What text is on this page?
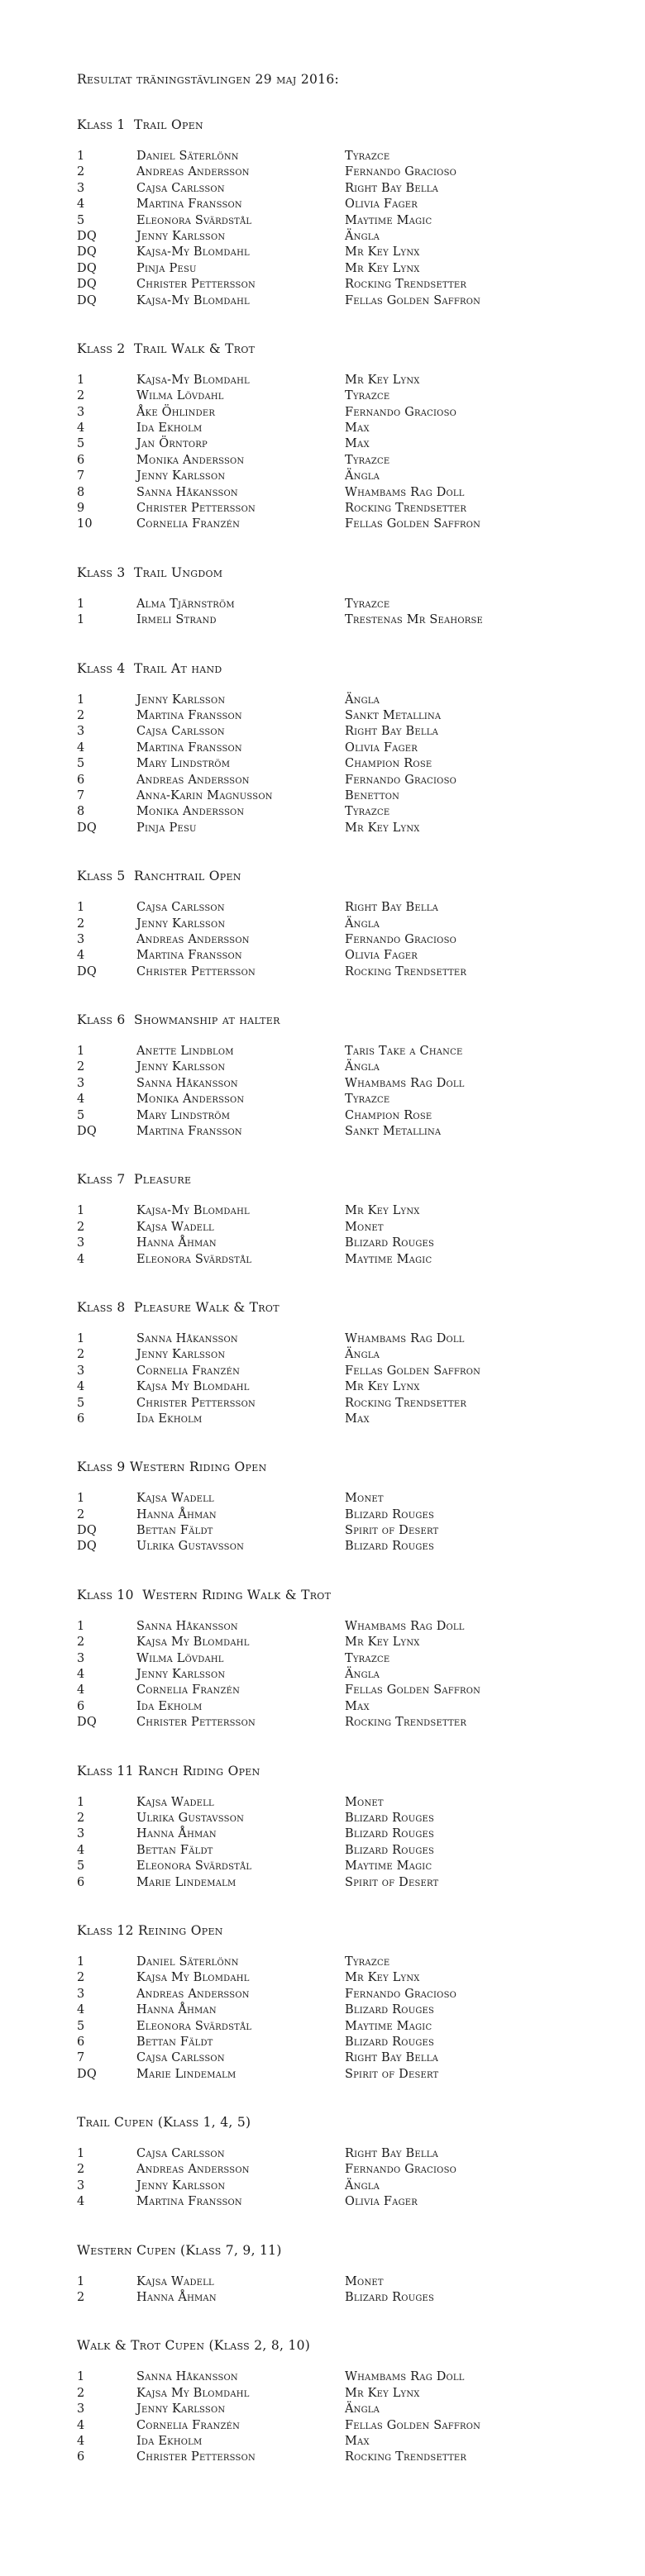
Resultat träningstävlingen 29 maj 2016:
Klass 1  Trail Open
1	Daniel Säterlönn	Tyrazce
2	Andreas Andersson	Fernando Gracioso
3	Cajsa Carlsson	Right Bay Bella
4	Martina Fransson	Olivia Fager
5	Eleonora Svärdstål	Maytime Magic
DQ	Jenny Karlsson	Ängla
DQ	Kajsa-My Blomdahl	Mr Key Lynx
DQ	Pinja Pesu	Mr Key Lynx
DQ	Christer Pettersson	Rocking Trendsetter
DQ	Kajsa-My Blomdahl	Fellas Golden Saffron
Klass 2  Trail Walk & Trot
1	Kajsa-My Blomdahl	Mr Key Lynx
2	Wilma Lövdahl	Tyrazce
3	Åke Öhlinder	Fernando Gracioso
4	Ida Ekholm	Max
5	Jan Örntorp	Max
6	Monika Andersson	Tyrazce
7	Jenny Karlsson	Ängla
8	Sanna Håkansson	Whambams Rag Doll
9	Christer Pettersson	Rocking Trendsetter
10	Cornelia Franzén	Fellas Golden Saffron
Klass 3  Trail Ungdom
1	Alma Tjärnström	Tyrazce
1	Irmeli Strand	Trestenas Mr Seahorse
Klass 4  Trail At hand
1	Jenny Karlsson	Ängla
2	Martina Fransson	Sankt Metallina
3	Cajsa Carlsson	Right Bay Bella
4	Martina Fransson	Olivia Fager
5	Mary Lindström	Champion Rose
6	Andreas Andersson	Fernando Gracioso
7	Anna-Karin Magnusson	Benetton
8	Monika Andersson	Tyrazce
DQ	Pinja Pesu	Mr Key Lynx
Klass 5  Ranchtrail Open
1	Cajsa Carlsson	Right Bay Bella
2	Jenny Karlsson	Ängla
3	Andreas Andersson	Fernando Gracioso
4	Martina Fransson	Olivia Fager
DQ	Christer Pettersson	Rocking Trendsetter
Klass 6  Showmanship at halter
1	Anette Lindblom	Taris Take a Chance
2	Jenny Karlsson	Ängla
3	Sanna Håkansson	Whambams Rag Doll
4	Monika Andersson	Tyrazce
5	Mary Lindström	Champion Rose
DQ	Martina Fransson	Sankt Metallina
Klass 7  Pleasure
1	Kajsa-My Blomdahl	Mr Key Lynx
2	Kajsa Wadell	Monet
3	Hanna Åhman	Blizard Rouges
4	Eleonora Svärdstål	Maytime Magic
Klass 8  Pleasure Walk & Trot
1	Sanna Håkansson	Whambams Rag Doll
2	Jenny Karlsson	Ängla
3	Cornelia Franzén	Fellas Golden Saffron
4	Kajsa My Blomdahl	Mr Key Lynx
5	Christer Pettersson	Rocking Trendsetter
6	Ida Ekholm	Max
Klass 9 Western Riding Open
1	Kajsa Wadell	Monet
2	Hanna Åhman	Blizard Rouges
DQ	Bettan Fäldt	Spirit of Desert
DQ	Ulrika Gustavsson	Blizard Rouges
Klass 10  Western Riding Walk & Trot
1	Sanna Håkansson	Whambams Rag Doll
2	Kajsa My Blomdahl	Mr Key Lynx
3	Wilma Lövdahl	Tyrazce
4	Jenny Karlsson	Ängla
4	Cornelia Franzén	Fellas Golden Saffron
6	Ida Ekholm	Max
DQ	Christer Pettersson	Rocking Trendsetter
Klass 11 Ranch Riding Open
1	Kajsa Wadell	Monet
2	Ulrika Gustavsson	Blizard Rouges
3	Hanna Åhman	Blizard Rouges
4	Bettan Fäldt	Blizard Rouges
5	Eleonora Svärdstål	Maytime Magic
6	Marie Lindemalm	Spirit of Desert
Klass 12 Reining Open
1	Daniel Säterlönn	Tyrazce
2	Kajsa My Blomdahl	Mr Key Lynx
3	Andreas Andersson	Fernando Gracioso
4	Hanna Åhman	Blizard Rouges
5	Eleonora Svärdstål	Maytime Magic
6	Bettan Fäldt	Blizard Rouges
7	Cajsa Carlsson	Right Bay Bella
DQ	Marie Lindemalm	Spirit of Desert
Trail Cupen (Klass 1, 4, 5)
1	Cajsa Carlsson	Right Bay Bella
2	Andreas Andersson	Fernando Gracioso
3	Jenny Karlsson	Ängla
4	Martina Fransson	Olivia Fager
Western Cupen (Klass 7, 9, 11)
1	Kajsa Wadell	Monet
2	Hanna Åhman	Blizard Rouges
Walk & Trot Cupen (Klass 2, 8, 10)
1	Sanna Håkansson	Whambams Rag Doll
2	Kajsa My Blomdahl	Mr Key Lynx
3	Jenny Karlsson	Ängla
4	Cornelia Franzén	Fellas Golden Saffron
4	Ida Ekholm	Max
6	Christer Pettersson	Rocking Trendsetter
